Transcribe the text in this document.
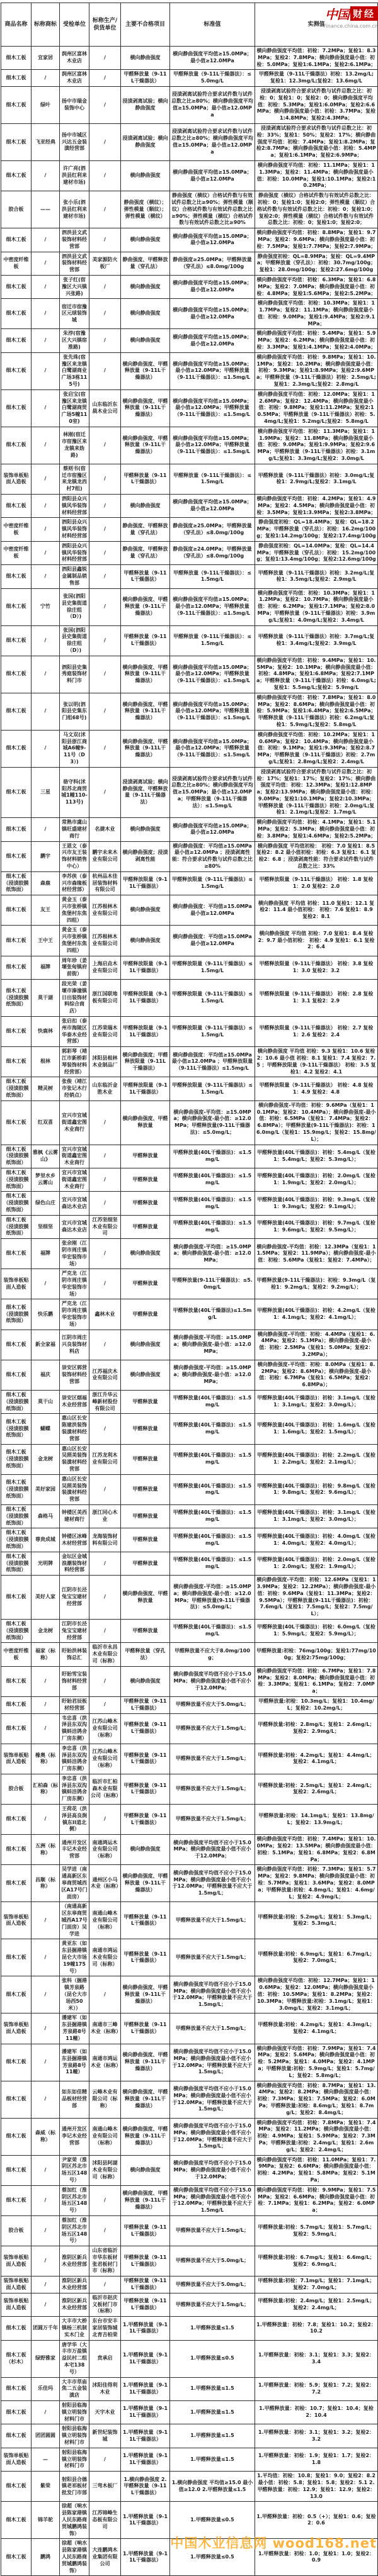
商品名称	标称商标	受检单位	标称生产/供货单位	主要不合格项目	标准值	实测值
细木工板	宜家居	润州区富林木业店	/	横向静曲强度	横向静曲强度平均值≥15.0MPa；最小值≥12.0MPa	横向静曲强度平均值：初检：7.2MPa；复检1：8.3MPa；复检2：7.8MPa；横向静曲强度最小值：初检：5.0MPa；复检1:6.1MPa；复检2:6.1MPa；
细木工板	/	润州区富林木业店	/	甲醛释放量（9-11L干燥器法）	甲醛释放量（9-11L干燥器法）：≤5.0mg/L	甲醛释放量（9-11L干燥器法）初检：13.2mg/L;复检1：12.3mg/L;复检2：13.6mg/L
细木工板	绿叶	扬中市瑞金装饰中心	/	浸渍剥离试验；横向静曲强度	浸渍剥离试验符合要求试件数与试件总数之比≥80%；横向静曲强度平均值≥15.0MPa；最小值≥12.0MPa	浸渍剥离试验符合要求试件数与试件总数之比：初检：0；复检1：0；复检2：0；横向静曲强度平均值：初检：5.3MPa；复检1:6.0MPa；复检2:6.6MPa；横向静曲强度最小值：初检：3.7MPa；复检1:4.8MPa；复检2:4.3MPa；
细木工板	飞亚经典	扬中市城区兴达五金装潢经营部	/	浸渍剥离试验；横向静曲强度	浸渍剥离试验符合要求试件数与试件总数之比≥80%；横向静曲强度平均值≥15.0MPa；最小值≥12.0MPa	浸渍剥离试验符合要求试件数与试件总数之比：初检：33%；复检1：50%；复检2：17%；横向静曲强度平均值：初检：7.4MPa；复检1:8.2MPa；复检2:8.7MPa；横向静曲强度最小值：初检：5.4MPa；复检1:6.1MPa；复检2:6.9MPa；
细木工板	/	许广亮(泗洪县红利来建材市场)	/	横向静曲强度	横向静曲强度平均值≥15.0MPa；最小值≥12.0MPa	横向静曲强度平均值：初检：11.1MPa；复检1：11.3MPa；复检2：11.4MPa；横向静曲强度最小值：初检：10.0MPa；复检1:10.1MPa；复检2:10.2MPa；
胶合板	——	张小乐(泗洪县红利来建材市场)	/	静曲强度（横纹）；弹性模量（顺纹）；弹性模量（横纹）	静曲强度（横纹）合格试件数与有效试件总数之比≥90%；弹性模量（顺纹）合格试件数与有效试件总数之比≥90%；弹性模量（横纹）合格试件数与有效试件总数之比≥90%	静曲强度（横纹）合格试件数与有效试件总数之比：初检：0；复检1:0；复检2:0；弹性模量（顺纹）合格试件数与有效试件总数之比：初检：0；复检1:0；复检2:0；弹性模量（横纹）合格试件数与有效试件总数之比：初检：0；复检1:0；复检2:0；
细木工板	/	泗洪县文武装饰材料经营部	/	横向静曲强度	横向静曲强度平均值≥15.0MPa；最小值≥12.0MPa	横向静曲强度平均值：初检：8.8MPa；复检1：9.7MPa；复检2：9.6MPa；横向静曲强度最小值：初检：7.5MPa；复检1:7.7MPa；复检2:7.9MPa；
中密度纤维板	/	泗洪县文武装饰材料经营部	美家源防火板厂	静曲强度、甲醛释放量（穿孔法）	静曲强度≥25.0MPa；甲醛释放量（穿孔法）≤8.0mg/100g	静曲强度初检：QL=8.9MPa；复检：QL=9.4MPa；甲醛释放量（穿孔法）：初检：30.7mg/100g；复检1：28.0mg/100g；复检2:27.6mg/100g
细木工板	/	张子红(宿豫区大兴镇兴张路)	/	横向静曲强度	横向静曲强度平均值≥15.0MPa；最小值≥12.0MPa	横向静曲强度平均值：初检：6.3MPa；复检1：6.8MPa；复检2：7.0MPa；横向静曲强度最小值：初检：4.8MPa；复检1:5.6MPa；复检2:5.2MPa；
细木工板	/	宿迁市宿豫区元球装饰城	/	横向静曲强度	横向静曲强度平均值≥15.0MPa；最小值≥12.0MPa	横向静曲强度平均值：初检：10.3MPa；复检1：11.7MPa；复检2：11.1MPa；横向静曲强度最小值：初检：9.0MPa；复检1:9.4MPa；复检2:9.1MPa；
细木工板	/	朱浡(宿豫区大兴镇宿淮路)	/	横向静曲强度	横向静曲强度平均值≥15.0MPa；最小值≥12.0MPa	横向静曲强度平均值：初检：5.4MPa；复检1：5.9MPa；复检2：6.2MPa；横向静曲强度最小值：初检：3.3MPa；复检1:4.1MPa；复检2:4.0MPa；
细木工板	/	张先珠(宿豫区来龙镇白鹭湖商业广场3栋115号)	/	横向静曲强度、甲醛释放量（9-11L干燥器法）	横向静曲强度平均值≥15.0MPa；最小值≥12.0MPa；甲醛释放量（9-11L干燥器法）：≤1.5mg/L	横向静曲强度平均值：初检：9.8MPa；复检1：10.1MPa；复检2：10.2MPa；横向静曲强度最小值：初检：9.3MPa；复检1:8.9MPa；复检2:9.6MPa；甲醛释放量（9-11L干燥器法）初检：2.5mg/L;复检1：2.3mg/L;复检2：2.8mg/L
细木工板	/	张启宝(宿豫区来龙镇白鹭湖商贸广场5幢110室)	山东临沂东晨木业公司	横向静曲强度、甲醛释放量（9-11L干燥器法）	横向静曲强度平均值≥15.0MPa；最小值≥12.0MPa；甲醛释放量（9-11L干燥器法）：≤1.5mg/L	横向静曲强度平均值：初检：12.0MPa；复检1：12.6MPa；复检2：12.4MPa；横向静曲强度最小值：初检：9.8MPa；复检1:11.2MPa；复检2:10.5MPa；甲醛释放量（9-11L干燥器法）初检：5.4mg/L;复检1：5.2mg/L;复检2：5.8mg/L
细木工板	/	林刚(宿迁市宿豫区来龙镇来妫路)	/	横向静曲强度、甲醛释放量（9-11L干燥器法）	横向静曲强度平均值≥15.0MPa；最小值≥12.0MPa；甲醛释放量（9-11L干燥器法）：≤1.5mg/L	横向静曲强度平均值：初检：11.3MPa；复检1：11.9MPa；复检2：11.8MPa；横向静曲强度最小值：初检：9.0MPa；复检1:9.9MPa；复检2:9.6MPa；甲醛释放量（9-11L干燥器法）初检：3.1mg/L;复检1：3.3mg/L;复检2：3.0mg/L
装饰单板贴面人造板	/	蔡则书(宿迁市宿豫区来龙镇龙西村7组)	/	甲醛释放量（9-11L干燥器法）	甲醛释放量（9-11L干燥器法）：≤1.5mg/L	甲醛释放量（9-11L干燥器法）初检：3.0mg/L;复检1：2.9mg/L;复检2：3.1mg/L
细木工板	/	泗阳县众兴镇风华装饰材料经营部	/	横向静曲强度	横向静曲强度平均值≥15.0MPa；最小值≥12.0MPa	横向静曲强度平均值：初检：4.2MPa；复检1：4.9MPa；复检2：4.5MPa；横向静曲强度最小值：初检：3.5MPa；复检1:3.9MPa；复检2:3.8MPa；
中密度纤维板	/	泗阳县众兴镇风华装饰材料经营部	/	静曲强度、甲醛释放量（穿孔法）	静曲强度≥25.0MPa；甲醛释放量（穿孔法）≤8.0mg/100g	静曲强度初检：QL=18.4MPa；复检：QL=18.2MPa；甲醛释放量（穿孔法）：初检：16.2mg/100g；复检1:14.2mg/100g；复检2:17.4mg/100g
中密度纤维板	/	泗阳县众兴镇风华装饰材料经营部	/	静曲强度、甲醛释放量（穿孔法）	静曲强度≥24.0MPa；甲醛释放量（穿孔法）≤8.0mg/100g	静曲强度初检：QL=14.0MPa；复检：QL=14.4MPa；甲醛释放量（穿孔法）：初检：15.2mg/100g；复检1:13.4mg/100g；复检2:12.6mg/100g
细木工板	/	泗阳县鑫锐金属制品销售部	/	甲醛释放量（9-11L干燥器法）	甲醛释放量（9-11L干燥器法）：≤1.5mg/L	甲醛释放量（9-11L干燥器法）初检：3.2mg/L;复检1：3.5mg/L;复检2：2.9mg/L
细木工板	宁竹	张国(泗阳县史集街道徐庄组（D）)	/	横向静曲强度、甲醛释放量（9-11L干燥器法）	横向静曲强度平均值≥15.0MPa；最小值≥12.0MPa；甲醛释放量（9-11L干燥器法）：≤1.5mg/L	横向静曲强度平均值：初检：10.3MPa；复检1：11.2MPa；复检2：10.7MPa；横向静曲强度最小值：初检：6.2MPa；复检1:7.1MPa；复检2:8.0MPa；甲醛释放量（9-11L干燥器法）初检：3.9mg/L;复检1：4.0mg/L;复检2：3.4mg/L
细木工板	/	张国(泗阳县史集街道徐庄组（D）)	/	甲醛释放量（9-11L干燥器法）	甲醛释放量（9-11L干燥器法）：≤1.5mg/L	甲醛释放量（9-11L干燥器法）初检：3.7mg/L;复检1：3.4mg/L;复检2：3.9mg/L
细木工板	/	泗阳县史集秀庭装饰材料门市	/	横向静曲强度、甲醛释放量（9-11L干燥器法）	横向静曲强度平均值≥15.0MPa；最小值≥12.0MPa；甲醛释放量（9-11L干燥器法）：≤1.5mg/L	横向静曲强度平均值：初检：9.4MPa；复检1：10.5MPa；复检2：10.1MPa；横向静曲强度最小值：初检：4.8MPa；复检1:6.8MPa；复检2:7.1MPa；甲醛释放量（9-11L干燥器法）初检：6.0mg/L;复检1：5.5mg/L;复检2：5.9mg/L
细木工板	/	张以明(泗阳县史集东门组68号)	/	横向静曲强度、甲醛释放量（9-11L干燥器法）	横向静曲强度平均值≥15.0MPa；最小值≥12.0MPa；甲醛释放量（9-11L干燥器法）：≤1.5mg/L	横向静曲强度平均值：初检：7.8MPa；复检1：8.0MPa；复检2：8.6MPa；横向静曲强度最小值：初检：5.9MPa；复检1:6.4MPa；复检2:6.5MPa；甲醛释放量（9-11L干燥器法）初检：6.2mg/L;复检1：5.9mg/L;复检2：5.8mg/L
细木工板	/	马文双(沭阳县浙江商城A6幢9-11号（D3）)	/	横向静曲强度、甲醛释放量（9-11L干燥器法）	横向静曲强度平均值≥15.0MPa；最小值≥12.0MPa；甲醛释放量（9-11L干燥器法）：≤1.5mg/L	横向静曲强度平均值：初检：10.2MPa；复检1：10.6MPa；复检2：10.4MPa；横向静曲强度最小值：初检：9.1MPa；复检1:9.3MPa；复检2:8.7MPa；甲醛释放量（9-11L干燥器法）初检：2.7mg/L;复检1：2.8mg/L;复检2：2.4mg/L
细木工板	三星	骆守科(沭阳苏北商贸城1幢110-113号)	/	浸渍剥离试验；横向静曲强度、甲醛释放量（9-11L干燥器法）	浸渍剥离试验符合要求试件数与试件总数之比≥80%；横向静曲强度平均值≥15.0MPa；最小值≥12.0MPa；甲醛释放量（9-11L干燥器法）：≤1.5mg/L	浸渍剥离试验符合要求试件数与试件总数之比：初检：17%；复检1：17%；复检2：17%；横向静曲强度平均值：初检：12.3MPa；复检1:12.8MPa；复检2:13.9MPa；横向静曲强度最小值：初检：9.0MPa；复检1:10.1MPa；复检2:10.3MPa；甲醛释放量（9-11L干燥器法）初检：2.0mg/L;复检1：2.1mg/L;复检2：1.7mg/L
细木工板	/	常熟市虞山镇旺盛建材商行	名捷木业	横向静曲强度	横向静曲强度平均值≥15.0MPa；最小值≥12.0MPa	横向静曲强度平均值：初检：4.1MPa；复检1：5.1MPa；复检2：5.3MPa；横向静曲强度最小值：初检：3.8MPa；复检1:4.6MPa；复检2:5.2MPa；
细木工板	鹏宇	王恩文（泰兴市友王装饰材料销售中心）	鹏宇未来木业有限公司	横向静曲强度；浸渍剥离性能	横向静曲强度：平均值≥15.0MPa 最小值≥12.0MPa ；浸渍剥离性能：符合要求试件数与试件总数之比≥80%	横向静曲强度 平均值初检： 初检：7.0 复检1：8.5 复检2：8.2 最小值初检：初检：6.3 复检1：6.1 复检2：6.8 ；浸渍剥离性能：符合要求试件数与试件总数之比：33%
细木工板（浸渍胶膜纸饰面）	森鹿	李苏侠（泰兴市森缘板材经营部）	杭州品木佳居装饰材料有限公司	甲醛释放限量（9-11L干燥器法）	甲醛释放限量（9-11L干燥器法）≤1.5mg/L	甲醛释放限量（9-11L干燥器法） 初检：1.8 复检1：2.0 复检2：2.0
细木工板	友王	黄金玉（泰兴市张桥镇焦堡村东焦四组）	江苏根林木业有限公司	横向静曲强度	横向静曲强度：平均值≥15.0MPa 最小值≥12.0MPa	横向静曲强度 平均值 初检：11.0 复检1：12.1 复检2：11.4 最小值初检： 初检：7.6 复检1：8.9 复检2：8.1
细木工板	王中王	黄金玉（泰兴市张桥镇焦堡村东焦四组）	江苏根林木业有限公司	横向静曲强度	横向静曲强度：平均值≥15.0MPa 最小值≥12.0MPa	横向静曲强度 平均值 初检：7.0 复检1：8.4 复检2：9.7 最小值初检： 初检：4.9 复检1：6.1 复检2：6.4
细木工板	福牌	周年珍（姜堰张甸镇府前街）	上海启垚木业有限公司	甲醛释放限量（9-11L干燥器法）	甲醛释放限量（9-11L干燥器法）≤1.5mg/L	甲醛释放限量（9-11L干燥器法） 初检：3.8 复检1：3.0 复检2：3.2
细木工板（浸渍胶膜纸饰面）	莫干湖	段光荣（姜堰市溱潼镇日出装饰材料综合商店）	浙江国联地板有限公司	甲醛释放限量（9-11L干燥器法）	甲醛释放限量（9-11L干燥器法）≤1.5mg/L	甲醛释放限量（9-11L干燥器法） 初检：2.8 复检1：3.1 复检2：2.9
细木工板	快鹿林	张启扣（泰州市海陵区华泰木业经营部）	江苏荣瑞木业有限公司	甲醛释放限量（9-11L干燥器法）	甲醛释放限量（9-11L干燥器法）≤1.5mg/L	甲醛释放限量（9-11L干燥器法） 初检：2.7 复检1：2.6 复检2：2.4
细木工板	根林	郭彩琴（靖江市新桥彩琴装饰材料经营部）	沭阳县根林木业制品厂	横向静曲强度；甲醛释放限量（9-11L干燥器法）	横向静曲强度：平均值≥15.0MPa 最小值≥12.0MPa ；甲醛释放限量（9-11L干燥器法）≤1.5mg/L	横向静曲强度 平均值 初检：9.3 复检1：10.6 复检2：10.6 最小值 初检：8.1 复检1：7.4 复检2：7.5 ；甲醛释放限量（9-11L干燥器法） 初检：3.5 复检1：4.2 复检2：4.1
细木工板（浸渍胶膜纸饰面）	精灵树	张俊（靖江市张记木行经销点）	山东临沂金胜木业	甲醛释放限量（9-11L干燥器法）	甲醛释放限量（9-11L干燥器法）≤1.5mg/L	甲醛释放限量（9-11L干燥器法） 初检：4.8 复检1：4.9 复检2：4.8
细木工板	红双喜	宜兴市宜城街道鑫宏图木业商行	/	横向静曲强度、甲醛释放量	横向静曲强度-平均值：≥15.0MPa；横向静曲强度-最小值：≥12.0MPa；甲醛释放量(9-11L干燥器法)：≤5.0mg/L；	横向静曲强度-平均值：初检：9.6MPa（复检1：10.1MPa；复检2：10.4MPa）；横向静曲强度-最小值：初检：6.5MPa（复检1：7.4MPa；复检2：6.8MPa）；甲醛释放量(9-11L干燥器法)：初检：16.0mg/L（复检1：15.9mg/L；复检2：15.8mg/L）；
细木工板（浸渍胶膜纸饰面）	雅枫《云雾山》	宜兴市宜城街道鑫宏图木业商行	/	甲醛释放量	甲醛释放量(40L干燥器法)：≤1.5mg/L	甲醛释放量(40L干燥器法)：初检：5.4mg/L（复检1：5.4mg/L；复检2：5.3mg/L）；
细木工板（浸渍胶膜纸饰面）	梦里水乡 云雾山	宜兴市宜城街道鑫宏图木业商行	/	甲醛释放量	甲醛释放量(40L干燥器法)：≤1.5mg/L	甲醛释放量(40L干燥器法)：初检：2.0mg/L（复检1：1.9mg/L；复检2：2.0mg/L）；
细木工板（浸渍胶膜纸饰面）	绿色山庄	宜兴市宜城森达木业店	/	甲醛释放量	甲醛释放量(40L干燥器法)：≤1.5mg/L	甲醛释放量(40L干燥器法)：初检：9.3mg/L（复检1：9.3mg/L；复检2：9.1mg/L）；
细木工板（浸渍胶膜纸饰面）	坚细坚	宜兴市宜城森达木业店	江苏坚细坚木业有限公司	甲醛释放量	甲醛释放量(40L干燥器法)：≤1.5mg/L	甲醛释放量(40L干燥器法)：初检：9.7mg/L（复检1：9.6mg/L；复检2：9.5mg/L）；
细木工板	福牌	张余刚（江阴市周庄镇华宏装饰市场）	/	横向静曲强度	横向静曲强度-平均值：≥15.0MPa；横向静曲强度-最小值：≥12.0MPa；	横向静曲强度-平均值：初检：12.3MPa（复检1：11.5MPa；复检2：11.9MPa）；横向静曲强度-最小值：初检：5.6MPa（复检1：复检2：7.4MPa）；
装饰单板贴面人造板	/	严克龙（江阴市周庄镇华宏装饰市场）	/	甲醛释放量	甲醛释放量(9-11L干燥器法)：≤5.0mg/L	甲醛释放量(9-11L干燥器法)：初检：9.3mg/L（复检1：9.2mg/L；复检2：9.2mg/L）；
细木工板（浸渍胶膜纸饰面）	快乐鹏	严克龙（江阴市周庄镇华宏装饰市场）	鑫林木业	甲醛释放量	甲醛释放量(40L干燥器法)≤1.5mg/L	甲醛释放量(40L干燥器法)：初检：4.2mg/L（复检1：4.1mg/L；复检2：4.1mg/L）；
细木工板	新全家福	江阴市周庄兴良装饰材料店	/	横向静曲强度	横向静曲强度-平均值：≥15.0MPa；横向静曲强度-最小值：≥12.0MPa；	横向静曲强度-平均值：初检：4.4MPa（复检1：6.4MPa；复检2：5.1MPa）；横向静曲强度-最小值：初检：2.5MPa（复检1：5.0MPa；复检2：3.2MPa）；
细木工板	福庆	崇安区郭营装饰材料经营部	江苏福庆木业有限公司	横向静曲强度	横向静曲强度-平均值：≥15.0MPa；横向静曲强度-最小值：≥12.0MPa；	横向静曲强度-平均值：初检：8.0MPa（复检1：8.2MPa；复检2：8.6MPa）；横向静曲强度-最小值：初检：6.7MPa（复检1：6.5MPa；复检2：6.8MPa）；
细木工板（浸渍胶膜纸饰面）	莫干山	崇安区烟福木业经营部	浙江升华云峰新材股份有限公司	甲醛释放量	甲醛释放量(40L干燥器法)：≤1.5mg/L	甲醛释放量(40L干燥器法)：初检：3.1mg/L（复检1：3.1mg/L；复检2：3.0mg/L）；
细木工板（浸渍胶膜纸饰面）	蝴蝶	惠山区长安陈建洪装饰装潢材料经营部	/	甲醛释放量	甲醛释放量(40L干燥器法)：≤1.5mg/L	甲醛释放量(40L干燥器法)：初检：1.6mg/L（复检1：1.6mg/L；复检2：1.5mg/L）；
细木工板（浸渍胶膜纸饰面）	金龙树	惠山区长安吴照美装饰装潢材料经营部	江苏龙利木业有限公司	甲醛释放量	甲醛释放量(40L干燥器法)：≤1.5mg/L	甲醛释放量(40L干燥器法)：初检：2.2mg/L（复检1：2.2mg/L；复检2：2.1mg/L）；
细木工板（浸渍胶膜纸饰面）	美好家园	惠山区长安吴照美装饰装潢材料经营部	/	甲醛释放量	甲醛释放量(40L干燥器法)：≤1.5mg/L	甲醛释放量(40L干燥器法)：初检：9.8mg/L（复检1：9.8mg/L；复检2：9.6mg/L）；
细木工板（浸渍胶膜纸饰面）	森格马	钟楼区美西建材商行	浙江同心木业	甲醛释放量	甲醛释放量(40L干燥器法)：≤1.5mg/L	甲醛释放量(40L干燥器法)：初检：3.1mg/L（复检1：3.1mg/L；复检2：3.0mg/L）；
细木工板（浸渍胶膜纸饰面）	尊贵成城	钟楼区冰峰木材经营部	龙海装饰材料有限公司	甲醛释放量	甲醛释放量(40L干燥器法)：≤1.5mg/L	甲醛释放量(40L干燥器法)：初检：4.0mg/L（复检1：4.0mg/L；复检2：4.0mg/L）；
细木工板（浸渍胶膜纸饰面）	光明牌	金坛区金城浪潮装饰材料经营部	/	甲醛释放量	甲醛释放量(40L干燥器法)：≤1.5mg/L	甲醛释放量(40L干燥器法)：初检：2.0mg/L（复检1：2.0mg/L；复检2：1.9mg/L）；
细木工板	美好人家	江阴市长泾兔宝宝建材经营部	/	横向静曲强度、甲醛释放量	横向静曲强度-平均值：≥15.0MPa；横向静曲强度-最小值：≥12.0MPa；甲醛释放量(9-11L干燥器法)：≤5.0mg/L；	横向静曲强度-平均值：初检：12.6MPa（复检1：13.9MPa；复检2：12.2MPa）；横向静曲强度-最小值：初检：9.6MPa（复检1：11.3MPa；复检2：9.5MPa）；甲醛释放量(9-11L干燥器法)：初检：7.6mg/L（复检1：7.5mg/L；复检2：7.5mg/L）；
细木工板（浸渍胶膜纸饰面）	金龙树	江阴市长泾兔宝宝建材经营部	/	甲醛释放量	甲醛释放量(40L干燥器法)：≤1.5mg/L	甲醛释放量(40L干燥器法)：初检：6.0mg/L（复检1：5.9mg/L；复检2：5.9mg/L）；
中密度纤维板	福家（标称）	盱眙洪林装饰总汇	临沂市永昌木业有限公司（标称）	甲醛释放量（穿孔法）	甲醛释放量不应大于8.0mg/100g；	甲醛释放量:初检：76mg/100g；复检1:77mg/100g；复检2:75mg/100g；
细木工板	/	盱眙雪宝装饰材料经营部	/	横向静曲强度	横向静曲强度平均值不应小于15.0MPa；横向静曲强度最小值不应小于12.0MPa；	横向静曲强度平均值：初检：6.7MPa；复检1：7.8MPa；复检2：8.0MPa；横向静曲强度最小值：初检：3.3MPa；复检1：6.1MPa；复检2：7.0MPa；
细木工板	/	盱眙君辰板材经营部	/	甲醛释放量（9-11L干燥器法）	甲醛释放量不应大于5.0mg/L；	甲醛释放量:初检：10.3mg/L；复检1：10.4mg/L；复检2：10.2mg/L；
细木工板	/	韦忠喜（洪泽县东双沟镇蚪洁鸽舍厂房东侧）	江苏山峰木业有限公司（标称）	甲醛释放量（9-11L干燥器法）	甲醛释放量不应大于1.5mg/L；	甲醛释放量:初检：2.8mg/L；复检1：2.6mg/L；复检2：2.9mg/L；
装饰单板贴面人造板	橡奥（标称）	李忠喜（洪泽县东双沟镇蚪洁鸽舍厂房东侧）	江苏山峰木业有限公司（标称）	甲醛释放量（9-11L干燥器法）	甲醛释放量不应大于1.5mg/L；	甲醛释放量:初检：4.2mg/L；复检1：4.4mg/L；复检2：4.1mg/L；
胶合板	汇柏森（标称）	李忠喜（洪泽县东双沟镇蚪洁鸽舍厂房东侧）	临沂市汇柏森木业有限公司（标称）	甲醛释放量（9-11L干燥器法）	甲醛释放量不应大于1.5mg/L；	甲醛释放量:初检：2.5mg/L；复检1：2.4mg/L；复检2：2.6mg/L；
细木工板	/	王荷花（洪泽县高良涧镇东II道北侧）	/	甲醛释放量（9-11L干燥器法）	甲醛释放量不应大于1.5mg/L；	甲醛释放量:初检：14.1mg/L；复检1：13.8mg/L；复检2：13.9mg/L；
细木工板	五洲（标称）	通州开发区丰记木业经营部	南通鸿运木业有限公司（标称）	横向静曲强度	横向静曲强度平均值不应小于15.0MPa；横向静曲强度最小值不应小于12.0MPa；	横向静曲强度平均值：初检：7.4MPa；复检1：10.0MPa；复检2：13.5MPa；横向静曲强度最小值：初检：5.1MPa；复检1：6.8MPa；复检2：6.8MPa；
细木工板	昌顺（标称）	吴学进（南通高新区东皋商贸城西区A17号门面房）	通州区小马木业（标称）	横向静曲强度、甲醛释放量（9-11L干燥器法）	横向静曲强度平均值不应小于15.0MPa；横向静曲强度最小值不应小于12.0MPa；甲醛释放量不应大于1.5mg/L；	横向静曲强度平均值：初检：7.3MPa；复检1：5.7MPa；复检2：9.8MPa；横向静曲强度最小值：初检：5.7MPa；复检1：3.6MPa；复检2：8.0MPa；甲醛释放量:初检：4.8mg/L；复检1：4.6mg/L；复检2：4.9mg/L；
装饰单板贴面人造板	/	（南通高新区东皋商贸城西A17号门面房）吴学进	南通山峰木业有限公司（标称）	甲醛释放量（9-11L干燥器法）	甲醛释放量不应大于1.5mg/L；	甲醛释放量:初检：5.2mg/L；复检1：5.3mg/L；复检2：5.3mg/L；
细木工板	/	黄亚东（如东县掘港镇昆仑大市场19幢175号）	南通市鸿运木业有限公司（标称）	甲醛释放量（9-11L干燥器法）	甲醛释放量不应大于1.5mg/L；	甲醛释放量:初检：6.9mg/L；复检1：6.7mg/L；复检2：7.0mg/L；
细木工板	/	张科（掘港镇芳泉路（昆仑大市场西50米））	/	横向静曲强度、甲醛释放量（9-11L干燥器法）	横向静曲强度平均值不应小于15.0MPa；横向静曲强度最小值不应小于12.0MPa；甲醛释放量不应大于1.5mg/L；	横向静曲强度平均值：初检：12.7MPa；复检1：10.6MPa；复检2：12.0MPa；横向静曲强度最小值：初检：10.5MPa；复检1：8.2MPa；复检2：10.3MPa；甲醛释放量:初检：3.1mg/L；复检1：3.0mg/L；复检2：3.1mg/L；
装饰单板贴面人造板	/	潘建军（如东县掘港镇芳泉路8号11幢）	南通市三峰木业（标称）	甲醛释放量（9-11L干燥器法）	甲醛释放量不应大于1.5mg/L；	甲醛释放量:初检：4.2mg/L；复检1：4.3mg/L；复检2：4.1mg/L；
细木工板	/	潘建军（如东县掘港镇芳泉路8号11幢）	南通市鸿运木业（标称）	横向静曲强度、甲醛释放量（9-11L干燥器法）	横向静曲强度平均值不应小于15.0MPa；横向静曲强度最小值不应小于12.0MPa；甲醛释放量不应大于1.5mg/L；	横向静曲强度平均值：初检：7.9MPa；复检1：7.4MPa；复检2：5.6MPa；横向静曲强度最小值：初检：5.2MPa；复检1：4.0MPa；复检2：4.1MPa；甲醛释放量:初检：5.9mg/L；复检1：5.7mg/L；复检2：5.8mg/L；
细木工板	/	如东如佳精品板材经营部	云峰木业有限公司（标称）	横向静曲强度、甲醛释放量（9-11L干燥器法）	横向静曲强度平均值不应小于15.0MPa；横向静曲强度最小值不应小于12.0MPa；甲醛释放量不应大于1.5mg/L；	横向静曲强度平均值：初检：8.7MPa；复检1：13.4MPa；复检2：8.2MPa；横向静曲强度最小值：初检：7.3MPa；复检1：7.5MPa；复检2：6.0MPa；甲醛释放量:初检：8.6mg/L；复检1：8.7mg/L；复检2：8.4mg/L；
细木工板	森威（标称）	通州开发区李记木业经营部	南通山峰木业有限公司（标称）	横向静曲强度、甲醛释放量（9-11L干燥器法）	横向静曲强度平均值不应小于15.0MPa；横向静曲强度最小值不应小于12.0MPa；甲醛释放量不应大于1.5mg/L；	横向静曲强度平均值：初检：7.8MPa；复检1：7.4MPa；复检2：11.2MPa；横向静曲强度最小值：初检：4.9MPa；复检1：5.9MPa；复检2：7.3MPa；甲醛释放量:初检：2.4mg/L；复检1：2.6mg/L；复检2：2.4mg/L；
细木工板	/	尹家荣（淮阴区苏北市场五区148号）	沭阳县阿湖木业有限公司（标称）	横向静曲强度	横向静曲强度平均值不应小于15.0MPa；横向静曲强度最小值不应小于12.0MPa；	横向静曲强度平均值：初检：11.0MPa；复检1：7.9MPa；复检2：6.6MPa；横向静曲强度最小值：初检：4.2MPa；复检1：5.8MPa；复检2：5.1MPa；
细木工板	/	蔡加红（淮阴区苏北市场五区148号）	/	横向静曲强度、甲醛释放量（9-11L干燥器法）	横向静曲强度平均值不应小于15.0MPa；横向静曲强度最小值不应小于12.0MPa；甲醛释放量不应大于1.5mg/L	横向静曲强度平均值：初检：9.9MPa；复检1：7.5MPa；复检2：6.6MPa；横向静曲强度最小值：初检：7.1MPa；复检1：6.2MPa；复检2：6.0MPa；
胶合板	/	蔡加红（淮阴区苏北市场五区148号）	/	甲醛释放量（9-11L干燥器法）	甲醛释放量不应大于1.5mg/L；	甲醛释放量:初检：5.7mg/L；复检1：5.7mg/L；复检2：5.9mg/L；
装饰单板贴面人造板	/	淮阴区新兵木业经营部	山东省临沂市华东板材张君板材门市（标称）	甲醛释放量（9-11L干燥器法）	甲醛释放量不应大于5.0mg/L；	甲醛释放量:初检：6.7mg/L；复检1：6.6mg/L；复检2：6.9mg/L；
装饰单板贴面人造板	/	淮阴区新兵木业经营部	/	甲醛释放量（9-11L干燥器法）	甲醛释放量不应大于5.0mg/L；	甲醛释放量:初检：7.1mg/L；复检1：7.1mg/L；复检2：7.0mg/L；
装饰单板贴面人造板	/	淮阴区新兵木业经营部	临沂市赵庆义板材门市（标称）	甲醛释放量（9-11L干燥器法）	甲醛释放量不应大于1.5mg/L；	甲醛释放量:初检：2.4mg/L；复检1：2.5mg/L；复检2：2.4mg/L；
细木工板	团圆万千年	大丰市大桥镇杨三机制实木门业	东台市安丰家居装饰城北育吉柏荣	1.甲醛释放量（9-11L干燥器法）	1.甲醛释放量≤1.5	1.甲醛释放量：初检：7.8；复检1：10.2；复检2：10.2
细木工板（杉木）	绿野雅家	唐学华（大丰市万盈镇益民村二组本宅138号）	贲承启	1.甲醛释放量（9-11L干燥器法）	1.甲醛释放量≤0.5	1.甲醛释放量：初检：3.1；复检1：3.3；复检2：3.4
细木工板	乐佳玛	大丰市草庙焦二五金装潢店	沭阳佳得利木业	1.甲醛释放量（9-11L干燥器法）	1.甲醛释放量≤1.5	1.甲醛释放量：初检：5.9；复检1：7.2；复检2：7.2
细木工板	/	射阳县临海镇立明装饰材料门市	天宇木业	1.甲醛释放量（9-11L干燥器法）	1.甲醛释放量≤1.5	1.甲醛释放量：初检：10.7；复检1：10.4；复检2：10.4
细木工板	团团圆圆	射阳县临海镇立明装饰材料门市	新世纪装饰城	1.甲醛释放量（9-11L干燥器法）	1.甲醛释放量≤1.5	1.甲醛释放量：初检：3.1；复检1：3.2；复检2：3.2
装饰单板贴面人造板	—	射阳县临海镇立明装饰材料门市	/	1.甲醛释放量（9-11L干燥器法）	1.甲醛释放量≤1.5	1.甲醛释放量：初检：1.9；复检1：1.7；复检2：1.8
细木工板	紫荣	射阳县合德镇老祁板材批发门市部	三弯木板厂	1.横向静曲强度 2.甲醛释放量（9-11L干燥器法）	1.横向静曲强度 平均值≥15.0 最小值≥12.0 2.甲醛释放量≤1.5	1.平均值：初检：10.8；复检1：9.0；复检2：8.2 最小值：初检：5.8；复检1：5.8；复检2：5.1 2.甲醛释放量：初检：12.9；复检1：12.9；复检2：13.0
细木工板	锦羊驼	徐超（响水县陈家港镇人民东路商贸城鹏鸿装饰）	江苏锦峰生态板有限公司	1.甲醛释放量（9-11L干燥器法）	1.甲醛释放量≤0.5	1.甲醛释放量：初检：0.5（+）；复检1：0.6；复检2：0.6
细木工板	鹏鸿	徐超（响水县陈家港镇人民东路商贸城鹏鸿装饰）	大连鹏鸿木业集团有限公司	1.甲醛释放量（9-11L干燥器法）	1.甲醛释放量≤0.5	1.甲醛释放量：初检：1.0；复检1：1.0；复检2：0.9
中国 财经
Finance.china.com.cn
中国木业信息网 wood168.net
